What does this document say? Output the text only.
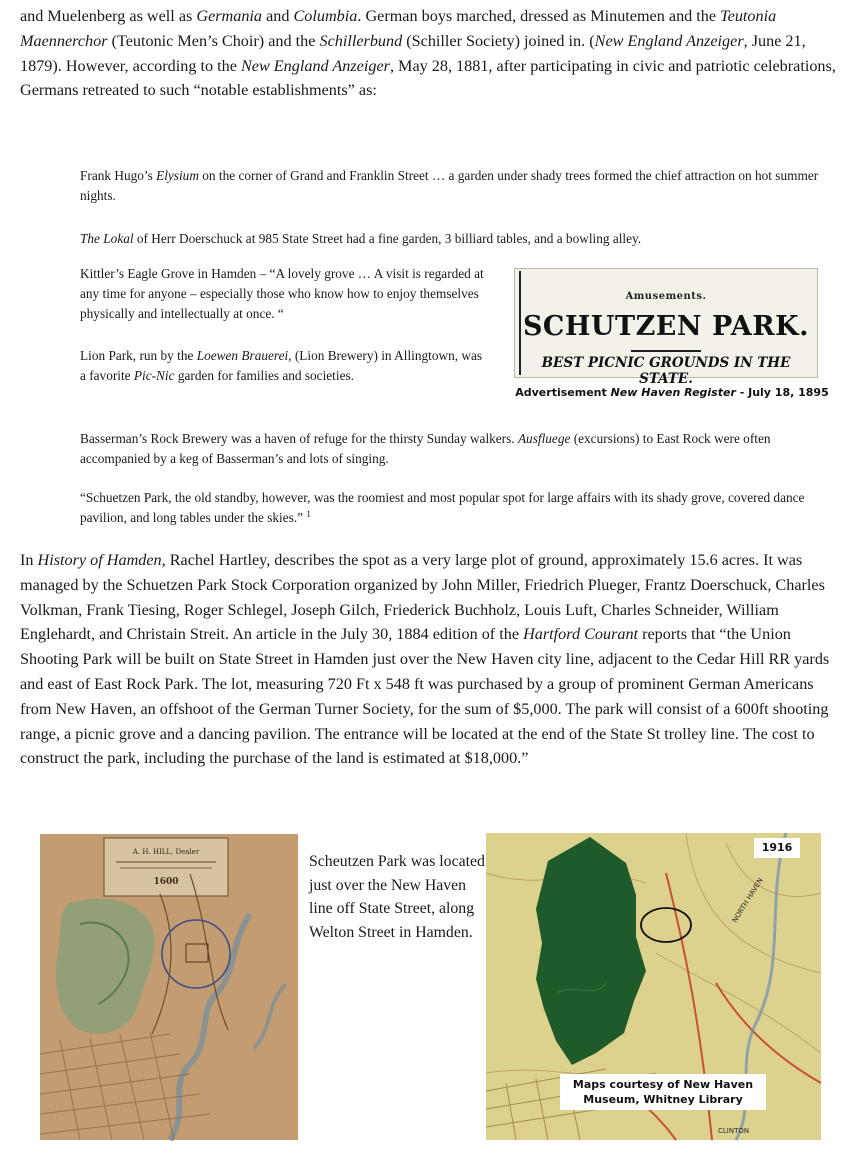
and Muelenberg as well as Germania and Columbia. German boys marched, dressed as Minutemen and the Teutonia Maennerchor (Teutonic Men’s Choir) and the Schillerbund (Schiller Society) joined in. (New England Anzeiger, June 21, 1879). However, according to the New England Anzeiger, May 28, 1881, after participating in civic and patriotic celebrations, Germans retreated to such “notable establishments” as:

Frank Hugo’s Elysium on the corner of Grand and Franklin Street … a garden under shady trees formed the chief attraction on hot summer nights.

The Lokal of Herr Doerschuck at 985 State Street had a fine garden, 3 billiard tables, and a bowling alley.

Kittler’s Eagle Grove in Hamden – “A lovely grove … A visit is regarded at any time for anyone – especially those who know how to enjoy themselves physically and intellectually at once. “

Lion Park, run by the Loewen Brauerei, (Lion Brewery) in Allingtown, was a favorite Pic-Nic garden for families and societies.

Basserman’s Rock Brewery was a haven of refuge for the thirsty Sunday walkers. Ausfluege (excursions) to East Rock were often accompanied by a keg of Basserman’s and lots of singing.

“Schuetzen Park, the old standby, however, was the roomiest and most popular spot for large affairs with its shady grove, covered dance pavilion, and long tables under the skies.” $^1$

Amusements.
SCHUTZEN PARK.
BEST PICNIC GROUNDS IN THE STATE.
Advertisement New Haven Register - July 18, 1895

In History of Hamden, Rachel Hartley, describes the spot as a very large plot of ground, approximately 15.6 acres. It was managed by the Schuetzen Park Stock Corporation organized by John Miller, Friedrich Plueger, Frantz Doerschuck, Charles Volkman, Frank Tiesing, Roger Schlegel, Joseph Gilch, Friederick Buchholz, Louis Luft, Charles Schneider, William Englehardt, and Christain Streit. An article in the July 30, 1884 edition of the Hartford Courant reports that “the Union Shooting Park will be built on State Street in Hamden just over the New Haven city line, adjacent to the Cedar Hill RR yards and east of East Rock Park. The lot, measuring 720 Ft x 548 ft was purchased by a group of prominent German Americans from New Haven, an offshoot of the German Turner Society, for the sum of $5,000. The park will consist of a 600ft shooting range, a picnic grove and a dancing pavilion. The entrance will be located at the end of the State St trolley line. The cost to construct the park, including the purchase of the land is estimated at $18,000.”

A. H. HILL, Dealer
1600

Scheutzen Park was located just over the New Haven line off State Street, along Welton Street in Hamden.

NORTH HAVEN
CLINTON
1916
Maps courtesy of New Haven Museum, Whitney Library
